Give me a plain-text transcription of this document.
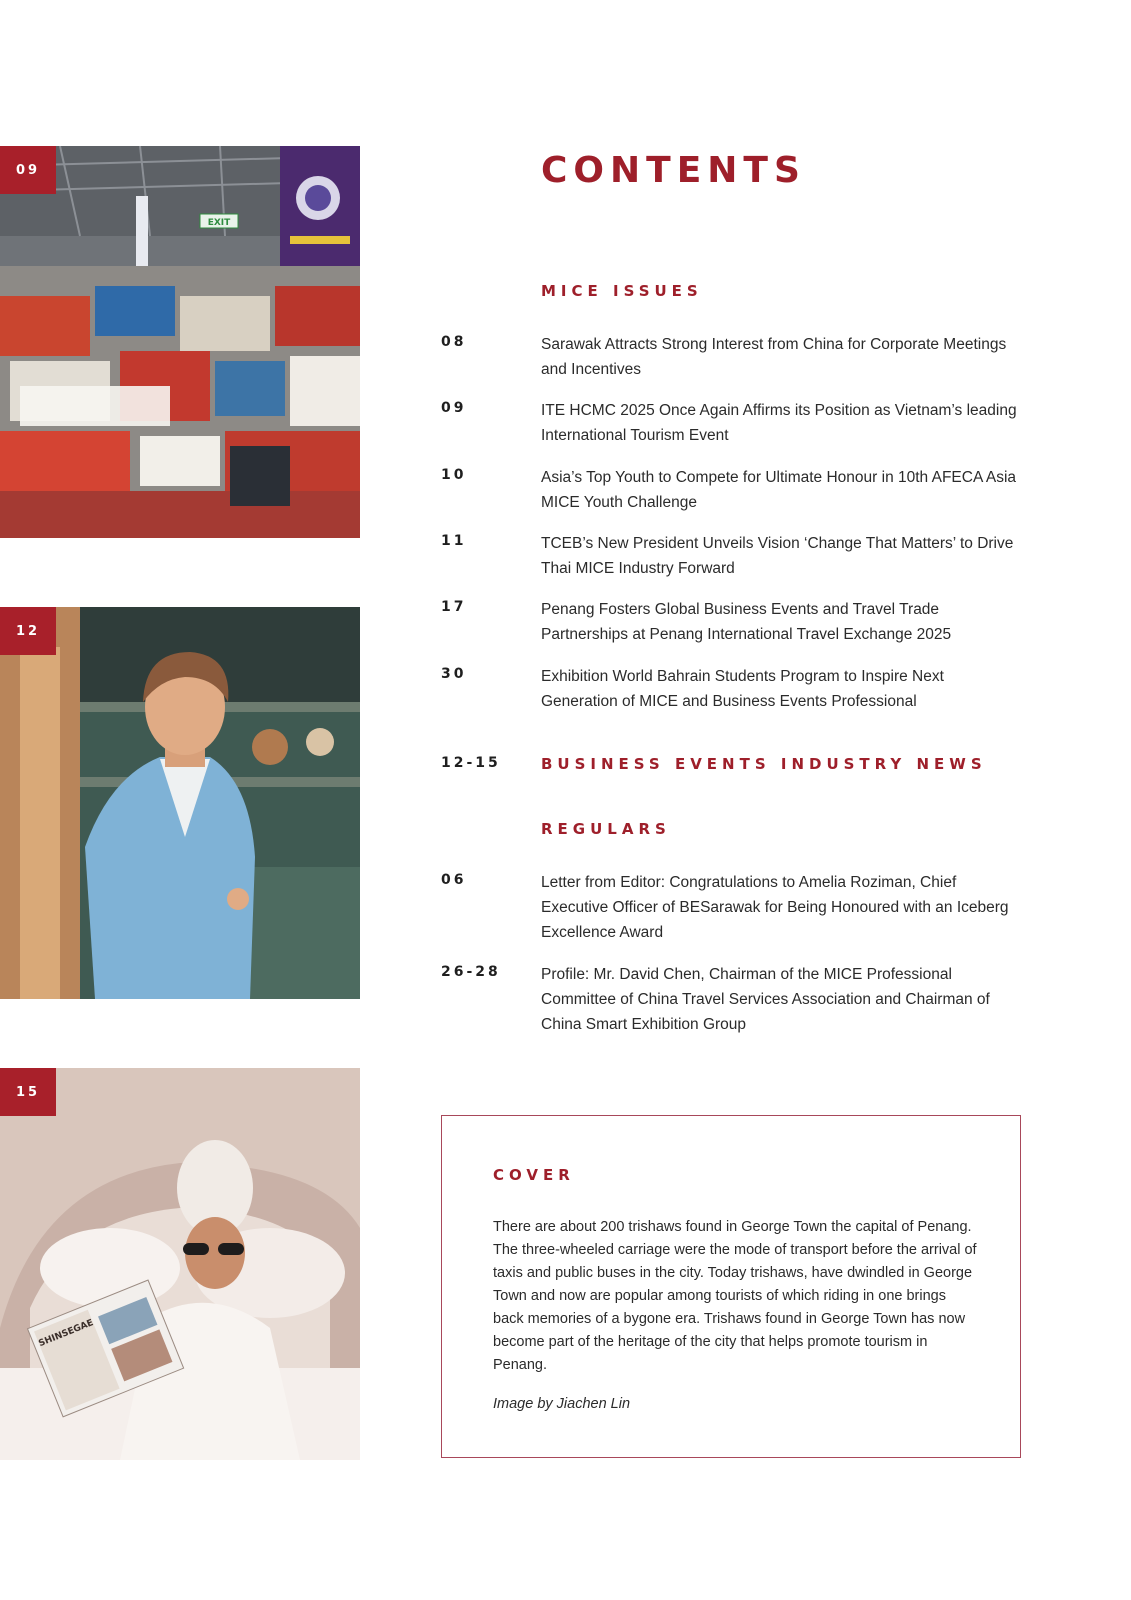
EXIT
09
12
SHINSEGAE
15
CONTENTS
MICE ISSUES
08	Sarawak Attracts Strong Interest from China for Corporate Meetings and Incentives
09	ITE HCMC 2025 Once Again Affirms its Position as Vietnam’s leading International Tourism Event
10	Asia’s Top Youth to Compete for Ultimate Honour in 10th AFECA Asia MICE Youth Challenge
11	TCEB’s New President Unveils Vision ‘Change That Matters’ to Drive Thai MICE Industry Forward
17	Penang Fosters Global Business Events and Travel Trade Partnerships at Penang International Travel Exchange 2025
30	Exhibition World Bahrain Students Program to Inspire Next Generation of MICE and Business Events Professional

12-15	BUSINESS EVENTS INDUSTRY NEWS
REGULARS
06	Letter from Editor: Congratulations to Amelia Roziman, Chief Executive Officer of BESarawak for Being Honoured with an Iceberg Excellence Award
26-28	Profile: Mr. David Chen, Chairman of the MICE Professional Committee of China Travel Services Association and Chairman of China Smart Exhibition Group
COVER

There are about 200 trishaws found in George Town the capital of Penang. The three-wheeled carriage were the mode of transport before the arrival of taxis and public buses in the city. Today trishaws, have dwindled in George Town and now are popular among tourists of which riding in one brings back memories of a bygone era. Trishaws found in George Town has now become part of the heritage of the city that helps promote tourism in Penang.

Image by Jiachen Lin
